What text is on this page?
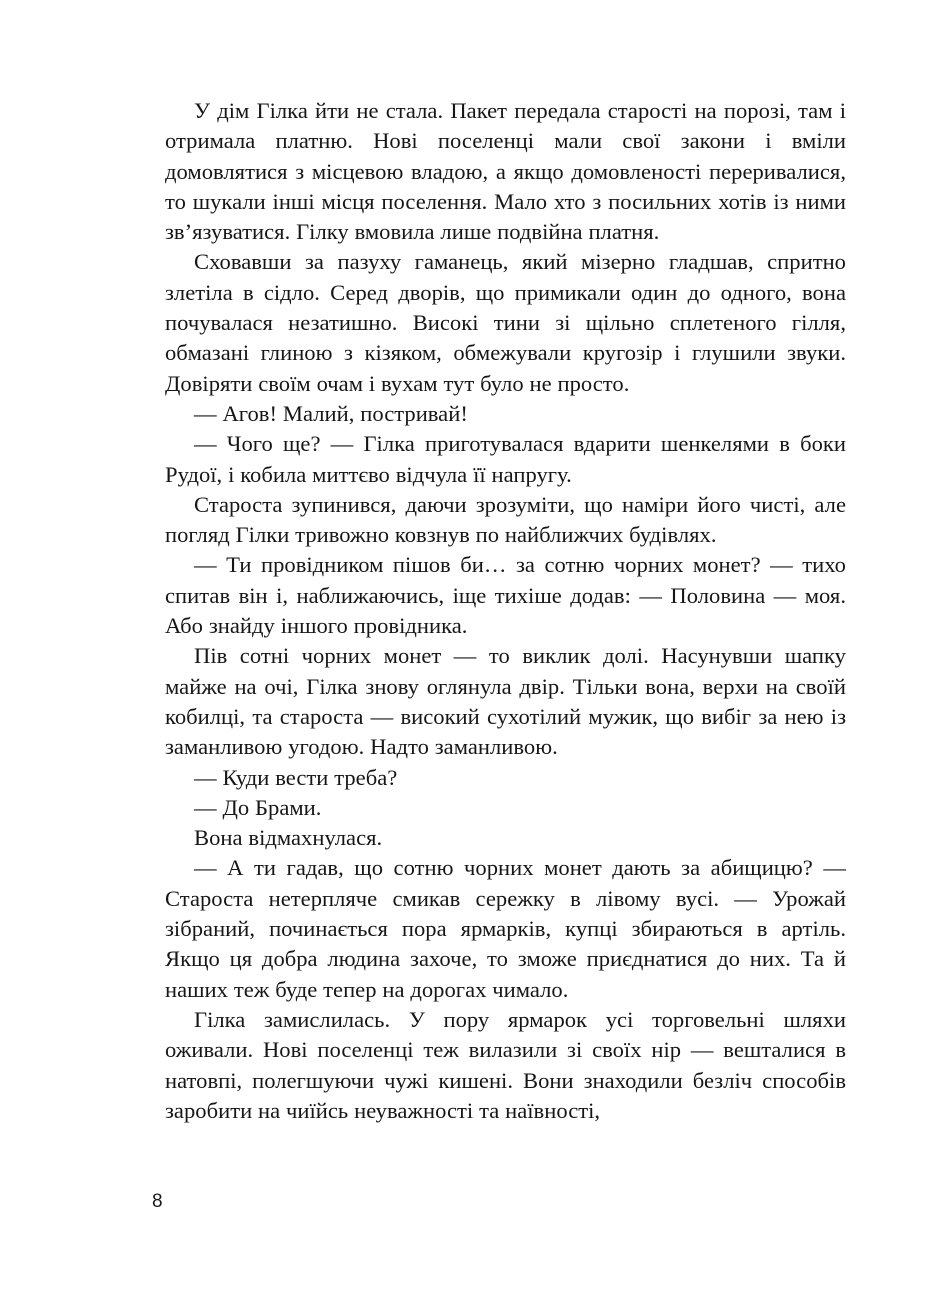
У дім Гілка йти не стала. Пакет передала старості на порозі, там і отримала платню. Нові поселенці мали свої закони і вміли домовлятися з місцевою владою, а якщо домовленості переривалися, то шукали інші місця поселення. Мало хто з посильних хотів із ними зв’язуватися. Гілку вмовила лише подвійна платня.

Сховавши за пазуху гаманець, який мізерно гладшав, спритно злетіла в сідло. Серед дворів, що примикали один до одного, вона почувалася незатишно. Високі тини зі щільно сплетеного гілля, обмазані глиною з кізяком, обмежували кругозір і глушили звуки. Довіряти своїм очам і вухам тут було не просто.

— Агов! Малий, постривай!

— Чого ще? — Гілка приготувалася вдарити шенкелями в боки Рудої, і кобила миттєво відчула її напругу.

Староста зупинився, даючи зрозуміти, що наміри його чисті, але погляд Гілки тривожно ковзнув по найближчих будівлях.

— Ти провідником пішов би… за сотню чорних монет? — тихо спитав він і, наближаючись, іще тихіше додав: — Половина — моя. Або знайду іншого провідника.

Пів сотні чорних монет — то виклик долі. Насунувши шапку майже на очі, Гілка знову оглянула двір. Тільки вона, верхи на своїй кобилці, та староста — високий сухотілий мужик, що вибіг за нею із заманливою угодою. Надто заманливою.

— Куди вести треба?

— До Брами.

Вона відмахнулася.

— А ти гадав, що сотню чорних монет дають за абищицю? — Староста нетерпляче смикав сережку в лівому вусі. — Урожай зібраний, починається пора ярмарків, купці збираються в артіль. Якщо ця добра людина захоче, то зможе приєднатися до них. Та й наших теж буде тепер на дорогах чимало.

Гілка замислилась. У пору ярмарок усі торговельні шляхи оживали. Нові поселенці теж вилазили зі своїх нір — вешталися в натовпі, полегшуючи чужі кишені. Вони знаходили безліч способів заробити на чиїйсь неуважності та наївності,

8
